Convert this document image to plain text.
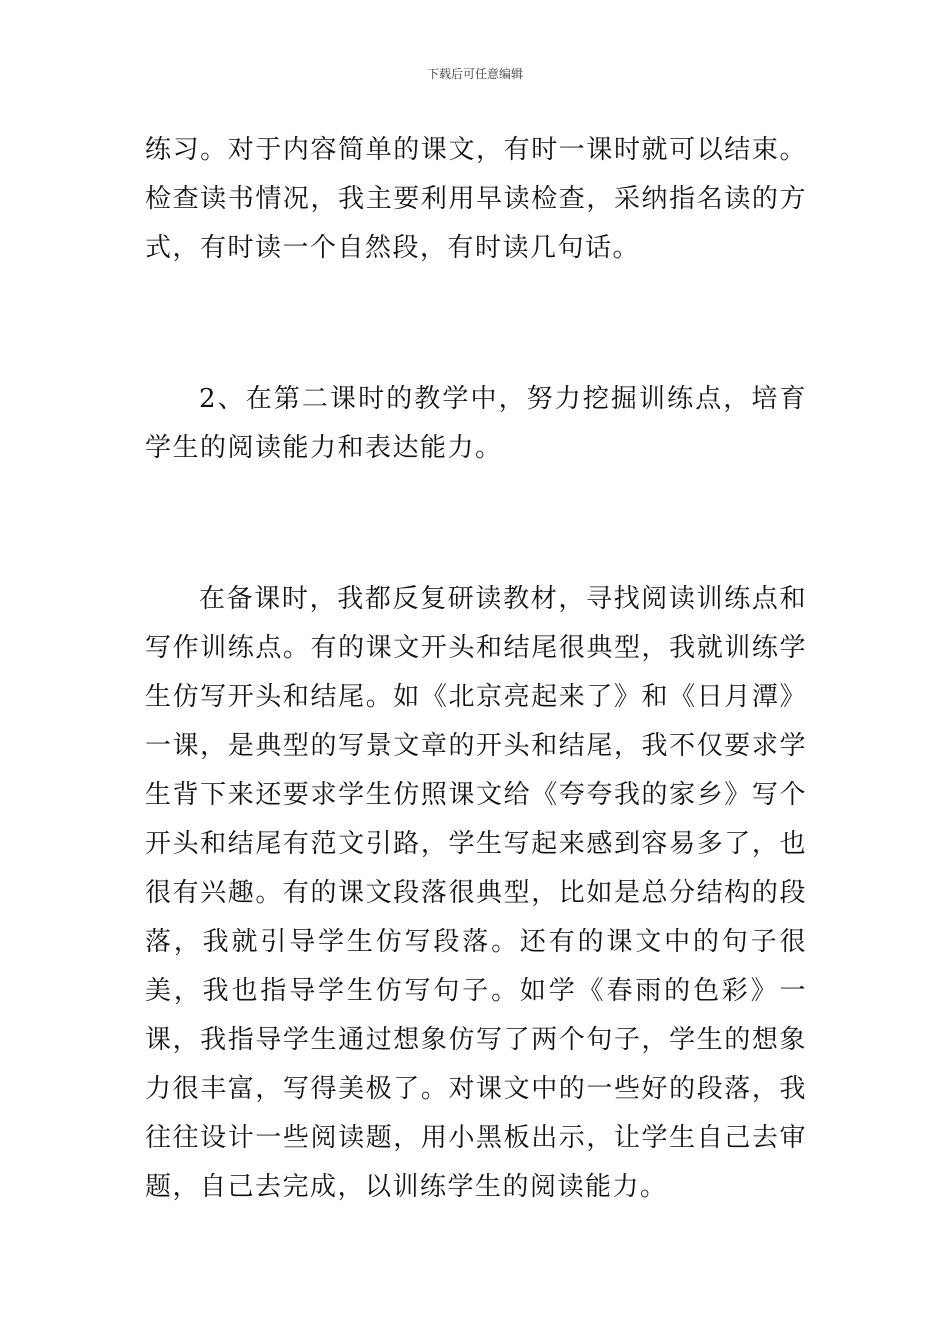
下载后可任意编辑

练习。对于内容简单的课文，有时一课时就可以结束。检查读书情况，我主要利用早读检查，采纳指名读的方式，有时读一个自然段，有时读几句话。

2、在第二课时的教学中，努力挖掘训练点，培育学生的阅读能力和表达能力。

在备课时，我都反复研读教材，寻找阅读训练点和写作训练点。有的课文开头和结尾很典型，我就训练学生仿写开头和结尾。如《北京亮起来了》和《日月潭》一课，是典型的写景文章的开头和结尾，我不仅要求学生背下来还要求学生仿照课文给《夸夸我的家乡》写个开头和结尾有范文引路，学生写起来感到容易多了，也很有兴趣。有的课文段落很典型，比如是总分结构的段落，我就引导学生仿写段落。还有的课文中的句子很美，我也指导学生仿写句子。如学《春雨的色彩》一课，我指导学生通过想象仿写了两个句子，学生的想象力很丰富，写得美极了。对课文中的一些好的段落，我往往设计一些阅读题，用小黑板出示，让学生自己去审题，自己去完成，以训练学生的阅读能力。
